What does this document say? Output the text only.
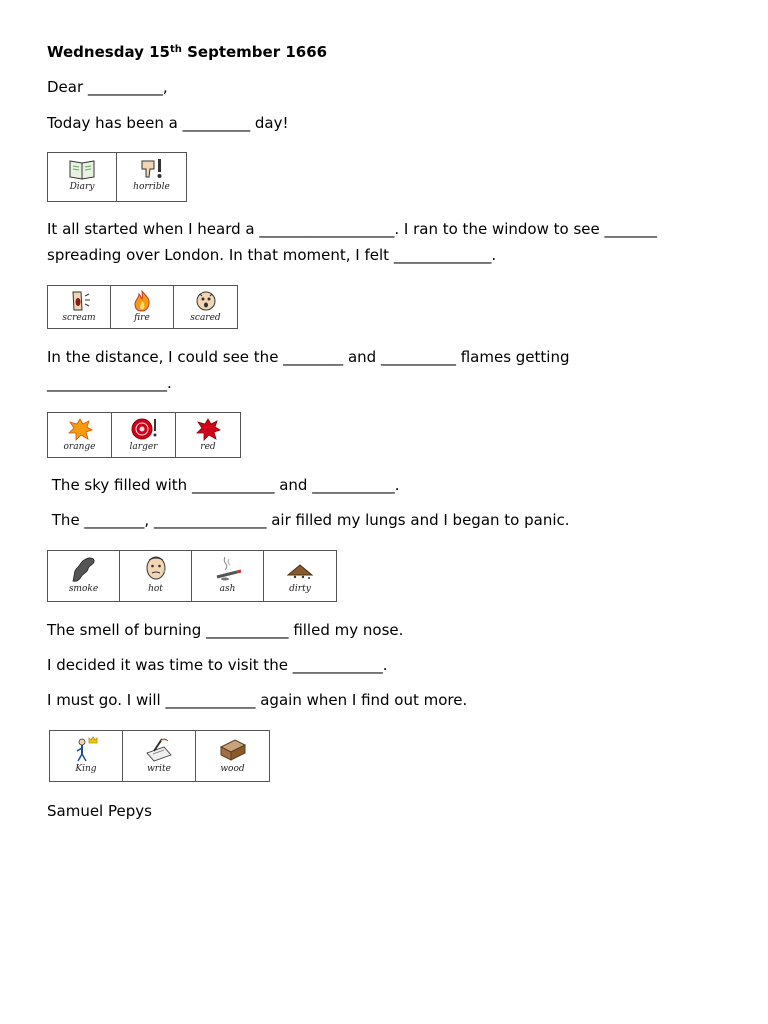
Wednesday 15th September 1666

Dear __________,

Today has been a _________ day!

Diary	horrible

It all started when I heard a __________________. I ran to the window to see _______

spreading over London. In that moment, I felt _____________.

scream	fire	scared

In the distance, I could see the ________ and __________ flames getting

________________.

orange	larger	red

The sky filled with ___________ and ___________.

The ________, _______________ air filled my lungs and I began to panic.

smoke	hot	ash	dirty

The smell of burning ___________ filled my nose.

I decided it was time to visit the ____________.

I must go. I will ____________ again when I find out more.

King	write	wood

Samuel Pepys
